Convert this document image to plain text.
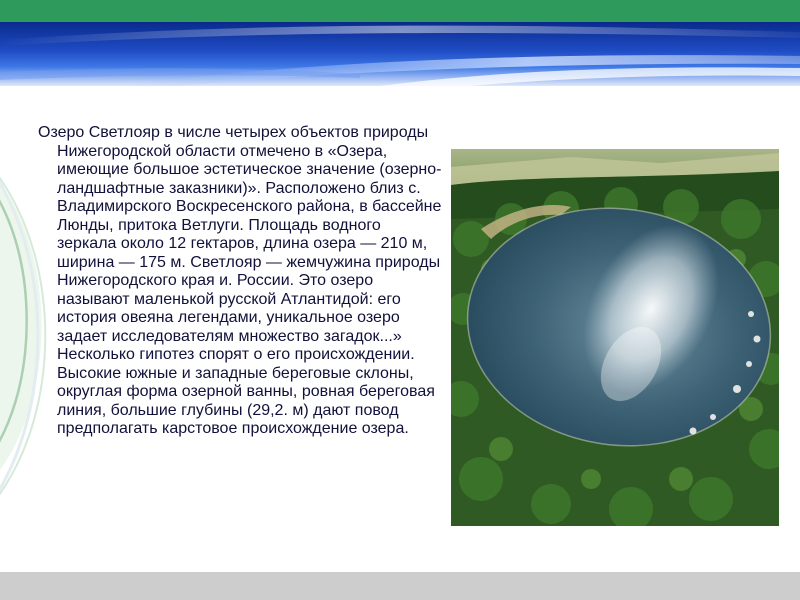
Озеро Светлояр в числе четырех объектов природы Нижегородской области отмечено в «Озера, имеющие большое эстетическое значение (озерно-ландшафтные заказники)». Расположено близ с. Владимирского Воскресенского района, в бассейне Люнды, притока Ветлуги. Площадь водного зеркала около 12 гектаров, длина озера — 210 м, ширина — 175 м. Светлояр — жемчужина природы Нижегородского края и. России. Это озеро называют маленькой русской Атлантидой: его история овеяна легендами, уникальное озеро задает исследователям множество загадок...» Несколько гипотез спорят о его происхождении. Высокие южные и западные береговые склоны, округлая форма озерной ванны, ровная береговая линия, большие глубины (29,2. м) дают повод предполагать карстовое происхождение озера.
